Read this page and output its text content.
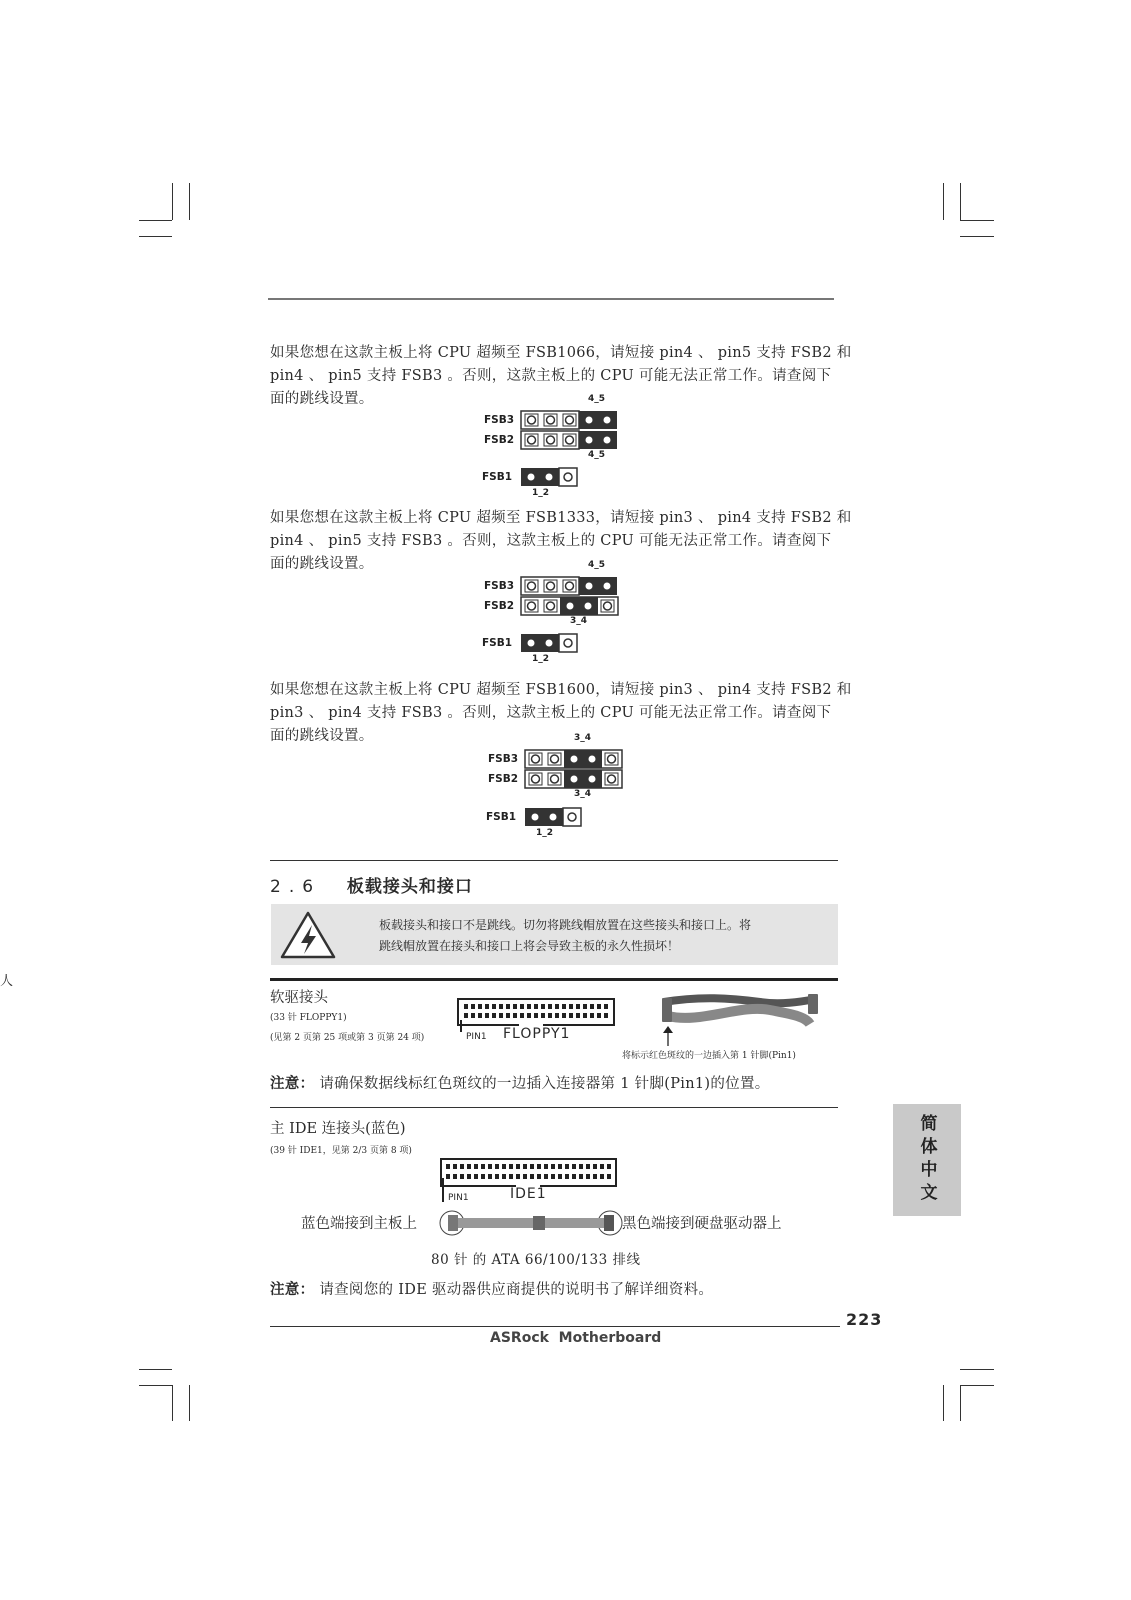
人
如果您想在这款主板上将 CPU 超频至 FSB1066，请短接 pin4 、 pin5 支持 FSB2 和
pin4 、 pin5 支持 FSB3 。否则，这款主板上的 CPU 可能无法正常工作。请查阅下
面的跳线设置。	4_5
FSB3
FSB2
4_5
FSB1
1_2
如果您想在这款主板上将 CPU 超频至 FSB1333，请短接 pin3 、 pin4 支持 FSB2 和
pin4 、 pin5 支持 FSB3 。否则，这款主板上的 CPU 可能无法正常工作。请查阅下
面的跳线设置。	4_5
FSB3
FSB2
3_4
FSB1
1_2
如果您想在这款主板上将 CPU 超频至 FSB1600，请短接 pin3 、 pin4 支持 FSB2 和
pin3 、 pin4 支持 FSB3 。否则，这款主板上的 CPU 可能无法正常工作。请查阅下
面的跳线设置。	3_4
FSB3
FSB2
3_4
FSB1
1_2
2.6 板载接头和接口
板载接头和接口不是跳线。切勿将跳线帽放置在这些接头和接口上。将
跳线帽放置在接头和接口上将会导致主板的永久性损坏！
软驱接头
(33 针 FLOPPY1)
(见第 2 页第 25 项或第 3 页第 24 项)	PIN1 FLOPPY1
将标示红色斑纹的一边插入第 1 针脚(Pin1)
注意： 请确保数据线标红色斑纹的一边插入连接器第 1 针脚(Pin1)的位置。
主 IDE 连接头(蓝色)
(39 针 IDE1，见第 2/3 页第 8 项)
PIN1	IDE1
蓝色端接到主板上	黑色端接到硬盘驱动器上
80 针 的 ATA 66/100/133 排线
注意： 请查阅您的 IDE 驱动器供应商提供的说明书了解详细资料。
简体中文
223
ASRock  Motherboard
